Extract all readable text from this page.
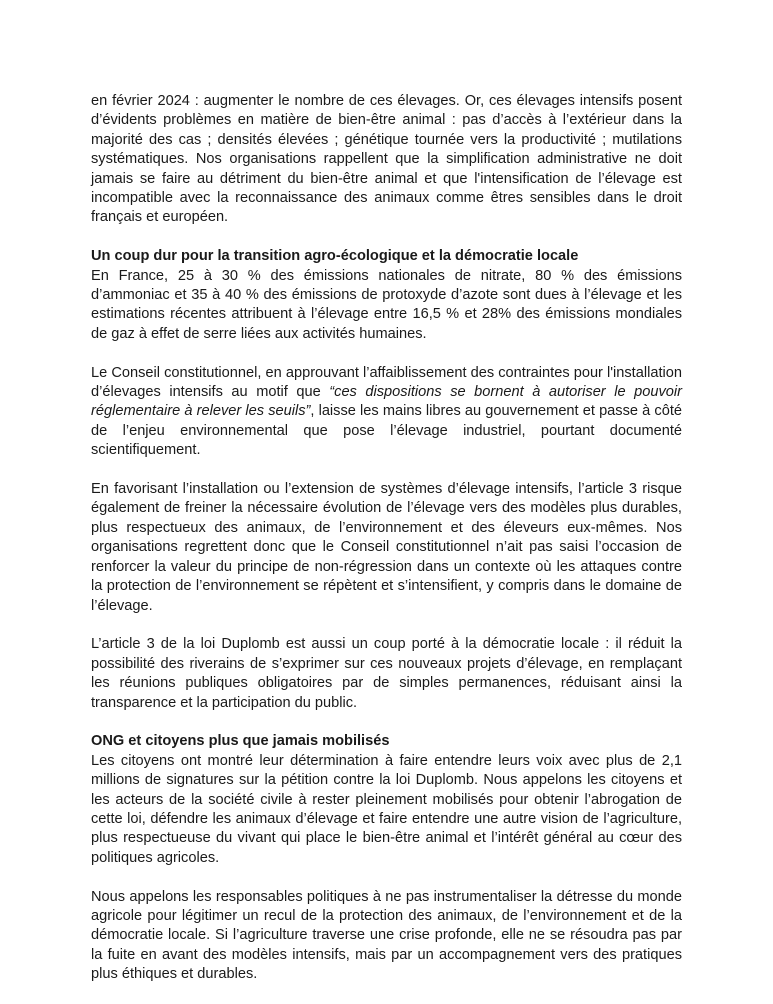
en février 2024 : augmenter le nombre de ces élevages. Or, ces élevages intensifs posent d’évidents problèmes en matière de bien-être animal : pas d’accès à l’extérieur dans la majorité des cas ; densités élevées ; génétique tournée vers la productivité ; mutilations systématiques. Nos organisations rappellent que la simplification administrative ne doit jamais se faire au détriment du bien-être animal et que l'intensification de l’élevage est incompatible avec la reconnaissance des animaux comme êtres sensibles dans le droit français et européen.

Un coup dur pour la transition agro-écologique et la démocratie locale

En France, 25 à 30 % des émissions nationales de nitrate, 80 % des émissions d’ammoniac et 35 à 40 % des émissions de protoxyde d’azote sont dues à l’élevage et les estimations récentes attribuent à l’élevage entre 16,5 % et 28% des émissions mondiales de gaz à effet de serre liées aux activités humaines.

Le Conseil constitutionnel, en approuvant l’affaiblissement des contraintes pour l'installation d’élevages intensifs au motif que “ces dispositions se bornent à autoriser le pouvoir réglementaire à relever les seuils”, laisse les mains libres au gouvernement et passe à côté de l’enjeu environnemental que pose l’élevage industriel, pourtant documenté scientifiquement.

En favorisant l’installation ou l’extension de systèmes d’élevage intensifs, l’article 3 risque également de freiner la nécessaire évolution de l’élevage vers des modèles plus durables, plus respectueux des animaux, de l’environnement et des éleveurs eux-mêmes. Nos organisations regrettent donc que le Conseil constitutionnel n’ait pas saisi l’occasion de renforcer la valeur du principe de non-régression dans un contexte où les attaques contre la protection de l’environnement se répètent et s’intensifient, y compris dans le domaine de l’élevage.

L’article 3 de la loi Duplomb est aussi un coup porté à la démocratie locale : il réduit la possibilité des riverains de s’exprimer sur ces nouveaux projets d’élevage, en remplaçant les réunions publiques obligatoires par de simples permanences, réduisant ainsi la transparence et la participation du public.

ONG et citoyens plus que jamais mobilisés

Les citoyens ont montré leur détermination à faire entendre leurs voix avec plus de 2,1 millions de signatures sur la pétition contre la loi Duplomb. Nous appelons les citoyens et les acteurs de la société civile à rester pleinement mobilisés pour obtenir l’abrogation de cette loi, défendre les animaux d’élevage et faire entendre une autre vision de l’agriculture, plus respectueuse du vivant qui place le bien-être animal et l’intérêt général au cœur des politiques agricoles.

Nous appelons les responsables politiques à ne pas instrumentaliser la détresse du monde agricole pour légitimer un recul de la protection des animaux, de l’environnement et de la démocratie locale. Si l’agriculture traverse une crise profonde, elle ne se résoudra pas par la fuite en avant des modèles intensifs, mais par un accompagnement vers des pratiques plus éthiques et durables.
